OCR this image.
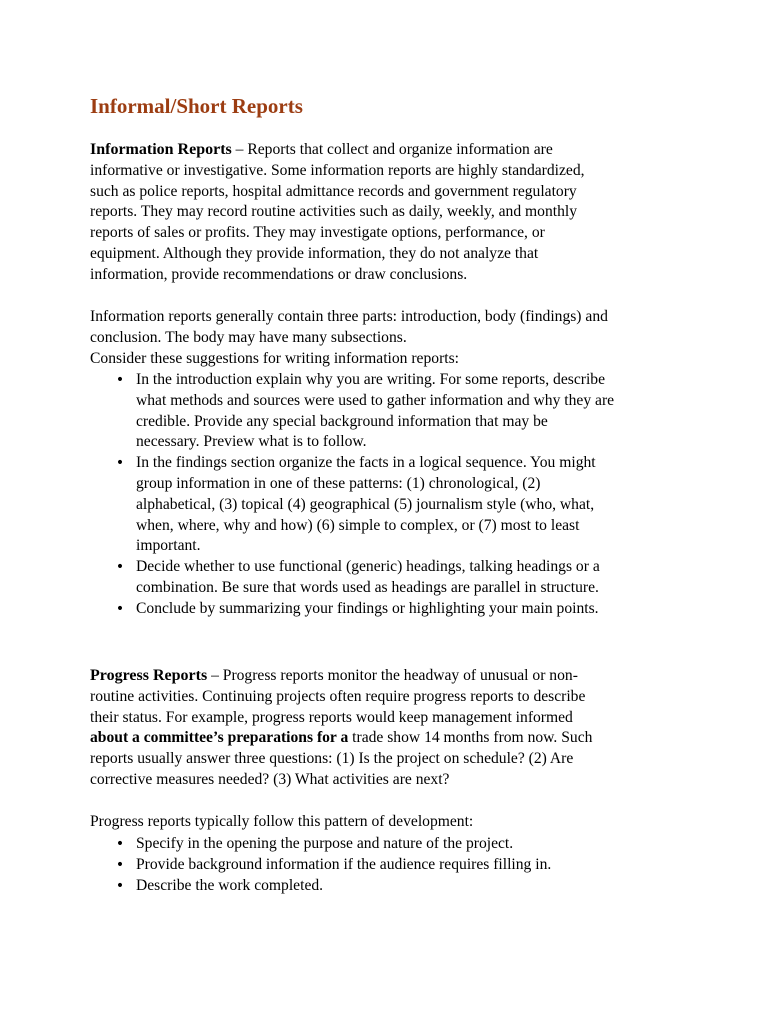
Informal/Short Reports
Information Reports – Reports that collect and organize information are
informative or investigative. Some information reports are highly standardized,
such as police reports, hospital admittance records and government regulatory
reports. They may record routine activities such as daily, weekly, and monthly
reports of sales or profits. They may investigate options, performance, or
equipment. Although they provide information, they do not analyze that
information, provide recommendations or draw conclusions.
Information reports generally contain three parts: introduction, body (findings) and
conclusion. The body may have many subsections.
Consider these suggestions for writing information reports:
• In the introduction explain why you are writing. For some reports, describe
what methods and sources were used to gather information and why they are
credible. Provide any special background information that may be
necessary. Preview what is to follow.
• In the findings section organize the facts in a logical sequence. You might
group information in one of these patterns: (1) chronological, (2)
alphabetical, (3) topical (4) geographical (5) journalism style (who, what,
when, where, why and how) (6) simple to complex, or (7) most to least
important.
• Decide whether to use functional (generic) headings, talking headings or a
combination. Be sure that words used as headings are parallel in structure.
• Conclude by summarizing your findings or highlighting your main points.
Progress Reports – Progress reports monitor the headway of unusual or non-
routine activities. Continuing projects often require progress reports to describe
their status. For example, progress reports would keep management informed
about a committee’s preparations for a trade show 14 months from now. Such
reports usually answer three questions: (1) Is the project on schedule? (2) Are
corrective measures needed? (3) What activities are next?
Progress reports typically follow this pattern of development:
• Specify in the opening the purpose and nature of the project.
• Provide background information if the audience requires filling in.
• Describe the work completed.
